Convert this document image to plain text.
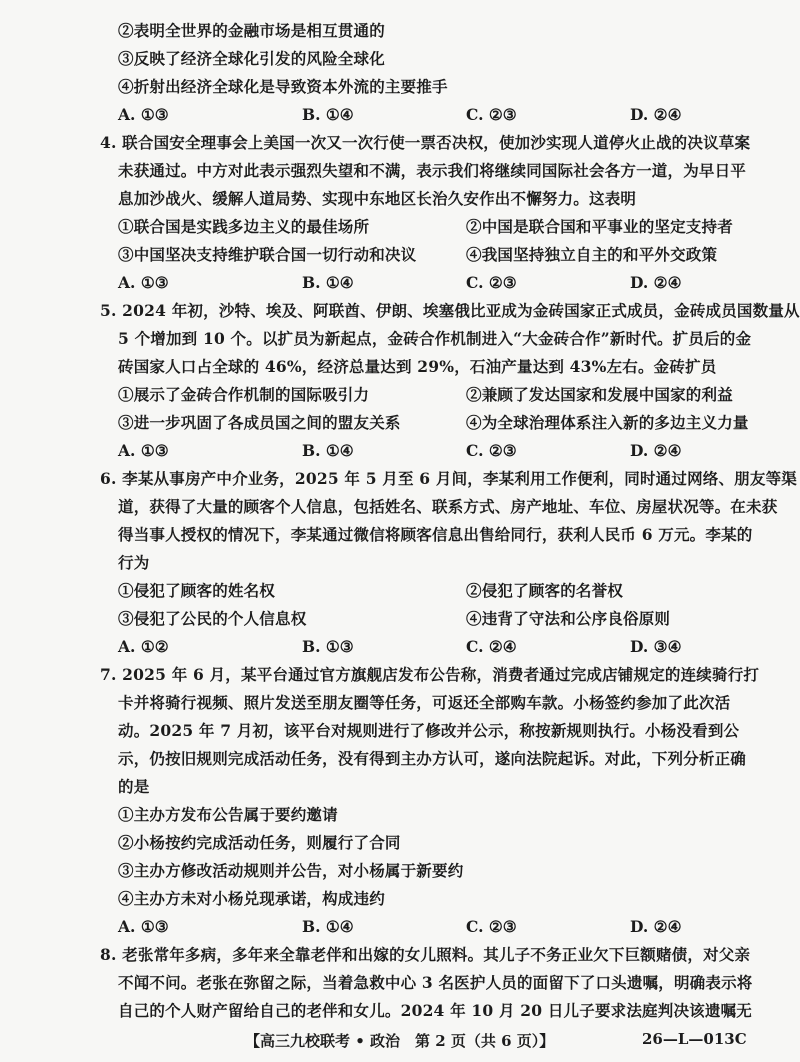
②表明全世界的金融市场是相互贯通的
③反映了经济全球化引发的风险全球化
④折射出经济全球化是导致资本外流的主要推手
A. ①③	B. ①④	C. ②③	D. ②④
4. 联合国安全理事会上美国一次又一次行使一票否决权，使加沙实现人道停火止战的决议草案
未获通过。中方对此表示强烈失望和不满，表示我们将继续同国际社会各方一道，为早日平
息加沙战火、缓解人道局势、实现中东地区长治久安作出不懈努力。这表明
①联合国是实践多边主义的最佳场所	②中国是联合国和平事业的坚定支持者
③中国坚决支持维护联合国一切行动和决议	④我国坚持独立自主的和平外交政策
A. ①③	B. ①④	C. ②③	D. ②④
5. 2024 年初，沙特、埃及、阿联酋、伊朗、埃塞俄比亚成为金砖国家正式成员，金砖成员国数量从
5 个增加到 10 个。以扩员为新起点，金砖合作机制进入“大金砖合作”新时代。扩员后的金
砖国家人口占全球的 46%，经济总量达到 29%，石油产量达到 43%左右。金砖扩员
①展示了金砖合作机制的国际吸引力	②兼顾了发达国家和发展中国家的利益
③进一步巩固了各成员国之间的盟友关系	④为全球治理体系注入新的多边主义力量
A. ①③	B. ①④	C. ②③	D. ②④
6. 李某从事房产中介业务，2025 年 5 月至 6 月间，李某利用工作便利，同时通过网络、朋友等渠
道，获得了大量的顾客个人信息，包括姓名、联系方式、房产地址、车位、房屋状况等。在未获
得当事人授权的情况下，李某通过微信将顾客信息出售给同行，获利人民币 6 万元。李某的
行为
①侵犯了顾客的姓名权	②侵犯了顾客的名誉权
③侵犯了公民的个人信息权	④违背了守法和公序良俗原则
A. ①②	B. ①③	C. ②④	D. ③④
7. 2025 年 6 月，某平台通过官方旗舰店发布公告称，消费者通过完成店铺规定的连续骑行打
卡并将骑行视频、照片发送至朋友圈等任务，可返还全部购车款。小杨签约参加了此次活
动。2025 年 7 月初，该平台对规则进行了修改并公示，称按新规则执行。小杨没看到公
示，仍按旧规则完成活动任务，没有得到主办方认可，遂向法院起诉。对此，下列分析正确
的是
①主办方发布公告属于要约邀请
②小杨按约完成活动任务，则履行了合同
③主办方修改活动规则并公告，对小杨属于新要约
④主办方未对小杨兑现承诺，构成违约
A. ①③	B. ①④	C. ②③	D. ②④
8. 老张常年多病，多年来全靠老伴和出嫁的女儿照料。其儿子不务正业欠下巨额赌债，对父亲
不闻不问。老张在弥留之际，当着急救中心 3 名医护人员的面留下了口头遗嘱，明确表示将
自己的个人财产留给自己的老伴和女儿。2024 年 10 月 20 日儿子要求法庭判决该遗嘱无
【高三九校联考 • 政治　第 2 页（共 6 页）】	26—L—013C
